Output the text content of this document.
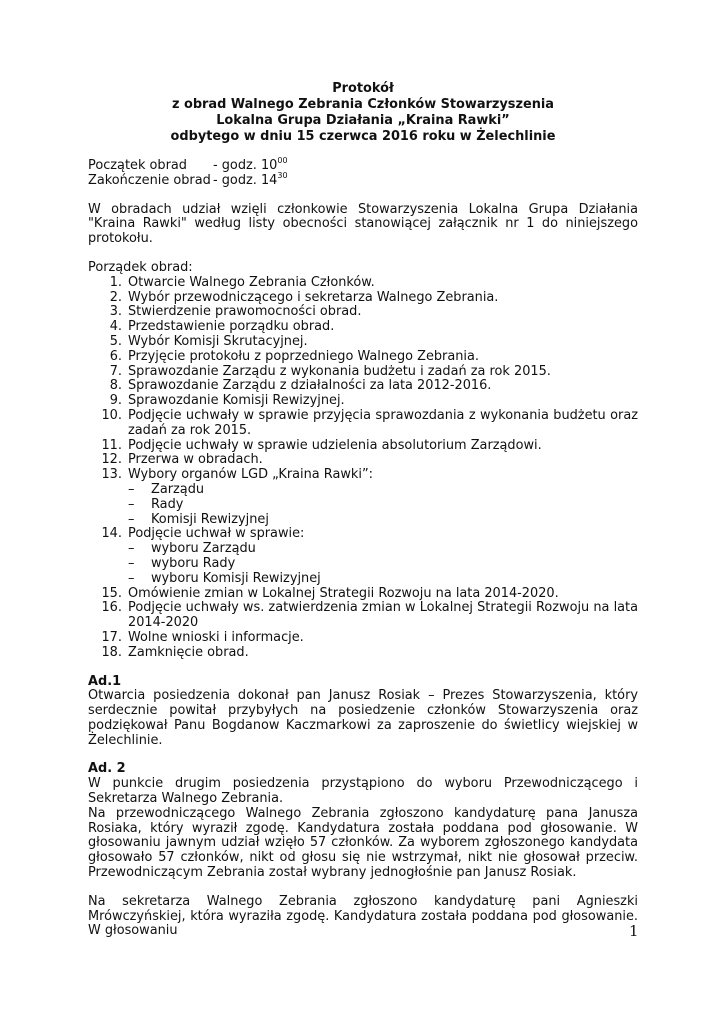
Protokół
z obrad Walnego Zebrania Członków Stowarzyszenia
Lokalna Grupa Działania „Kraina Rawki”
odbytego w dniu 15 czerwca 2016 roku w Żelechlinie
Początek obrad	- godz. $10^{00}$
Zakończenie obrad - godz. $14^{30}$

W obradach udział wzięli członkowie Stowarzyszenia Lokalna Grupa Działania "Kraina Rawki" według listy obecności stanowiącej załącznik nr 1 do niniejszego protokołu.

Porządek obrad:
1. Otwarcie Walnego Zebrania Członków.
2. Wybór przewodniczącego i sekretarza Walnego Zebrania.
3. Stwierdzenie prawomocności obrad.
4. Przedstawienie porządku obrad.
5. Wybór Komisji Skrutacyjnej.
6. Przyjęcie protokołu z poprzedniego Walnego Zebrania.
7. Sprawozdanie Zarządu z wykonania budżetu i zadań za rok 2015.
8. Sprawozdanie Zarządu z działalności za lata 2012-2016.
9. Sprawozdanie Komisji Rewizyjnej.
10. Podjęcie uchwały w sprawie przyjęcia sprawozdania z wykonania budżetu oraz zadań za rok 2015.
11. Podjęcie uchwały w sprawie udzielenia absolutorium Zarządowi.
12. Przerwa w obradach.
13. Wybory organów LGD „Kraina Rawki”:
–	Zarządu
–	Rady
–	Komisji Rewizyjnej
14. Podjęcie uchwał w sprawie:
–	wyboru Zarządu
–	wyboru Rady
–	wyboru Komisji Rewizyjnej
15. Omówienie zmian w Lokalnej Strategii Rozwoju na lata 2014-2020.
16. Podjęcie uchwały ws. zatwierdzenia zmian w Lokalnej Strategii Rozwoju na lata 2014-2020
17. Wolne wnioski i informacje.
18. Zamknięcie obrad.
Ad.1

Otwarcia posiedzenia dokonał pan Janusz Rosiak – Prezes Stowarzyszenia, który serdecznie powitał przybyłych na posiedzenie członków Stowarzyszenia oraz podziękował Panu Bogdanow Kaczmarkowi za zaproszenie do świetlicy wiejskiej w Żelechlinie.

Ad. 2

W punkcie drugim posiedzenia przystąpiono do wyboru Przewodniczącego i Sekretarza Walnego Zebrania.

Na przewodniczącego Walnego Zebrania zgłoszono kandydaturę pana Janusza Rosiaka, który wyraził zgodę. Kandydatura została poddana pod głosowanie. W głosowaniu jawnym udział wzięło 57 członków. Za wyborem zgłoszonego kandydata głosowało 57 członków, nikt od głosu się nie wstrzymał, nikt nie głosował przeciw. Przewodniczącym Zebrania został wybrany jednogłośnie pan Janusz Rosiak.

Na sekretarza Walnego Zebrania zgłoszono kandydaturę pani Agnieszki Mrówczyńskiej, która wyraziła zgodę. Kandydatura została poddana pod głosowanie. W głosowaniu	1
